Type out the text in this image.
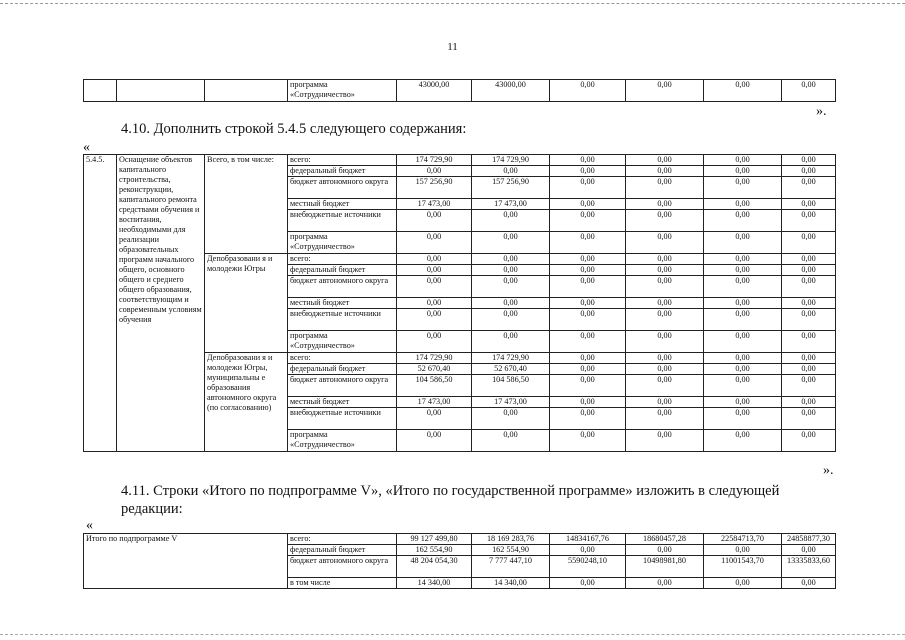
11
			программа «Сотрудничество»	43000,00	43000,00	0,00	0,00	0,00	0,00
».
4.10. Дополнить строкой 5.4.5 следующего содержания:
«
5.4.5.	Оснащение объектов капитального строительства, реконструкции, капитального ремонта средствами обучения и воспитания, необходимыми для реализации образовательных программ начального общего, основного общего и среднего общего образования, соответствующим и современным условиям обучения	Всего, в том числе:	всего:	174 729,90	174 729,90	0,00	0,00	0,00	0,00
			федеральный бюджет	0,00	0,00	0,00	0,00	0,00	0,00
			бюджет автономного округа	157 256,90	157 256,90	0,00	0,00	0,00	0,00
			местный бюджет	17 473,00	17 473,00	0,00	0,00	0,00	0,00
			внебюджетные источники	0,00	0,00	0,00	0,00	0,00	0,00
			программа «Сотрудничество»	0,00	0,00	0,00	0,00	0,00	0,00
		Депобразовани я и молодежи Югры	всего:	0,00	0,00	0,00	0,00	0,00	0,00
			федеральный бюджет	0,00	0,00	0,00	0,00	0,00	0,00
			бюджет автономного округа	0,00	0,00	0,00	0,00	0,00	0,00
			местный бюджет	0,00	0,00	0,00	0,00	0,00	0,00
			внебюджетные источники	0,00	0,00	0,00	0,00	0,00	0,00
			программа «Сотрудничество»	0,00	0,00	0,00	0,00	0,00	0,00
		Депобразовани я и молодежи Югры, муниципальны е образования автономного округа (по согласованию)	всего:	174 729,90	174 729,90	0,00	0,00	0,00	0,00
			федеральный бюджет	52 670,40	52 670,40	0,00	0,00	0,00	0,00
			бюджет автономного округа	104 586,50	104 586,50	0,00	0,00	0,00	0,00
			местный бюджет	17 473,00	17 473,00	0,00	0,00	0,00	0,00
			внебюджетные источники	0,00	0,00	0,00	0,00	0,00	0,00
			программа «Сотрудничество»	0,00	0,00	0,00	0,00	0,00	0,00
».
4.11. Строки «Итого по подпрограмме V», «Итого по государственной программе» изложить в следующей редакции:
«
Итого по подпрограмме V	всего:	99 127 499,80	18 169 283,76	14834167,76	18680457,28	22584713,70	24858877,30
	федеральный бюджет	162 554,90	162 554,90	0,00	0,00	0,00	0,00
	бюджет автономного округа	48 204 054,30	7 777 447,10	5590248,10	10498981,80	11001543,70	13335833,60
	в том числе	14 340,00	14 340,00	0,00	0,00	0,00	0,00
